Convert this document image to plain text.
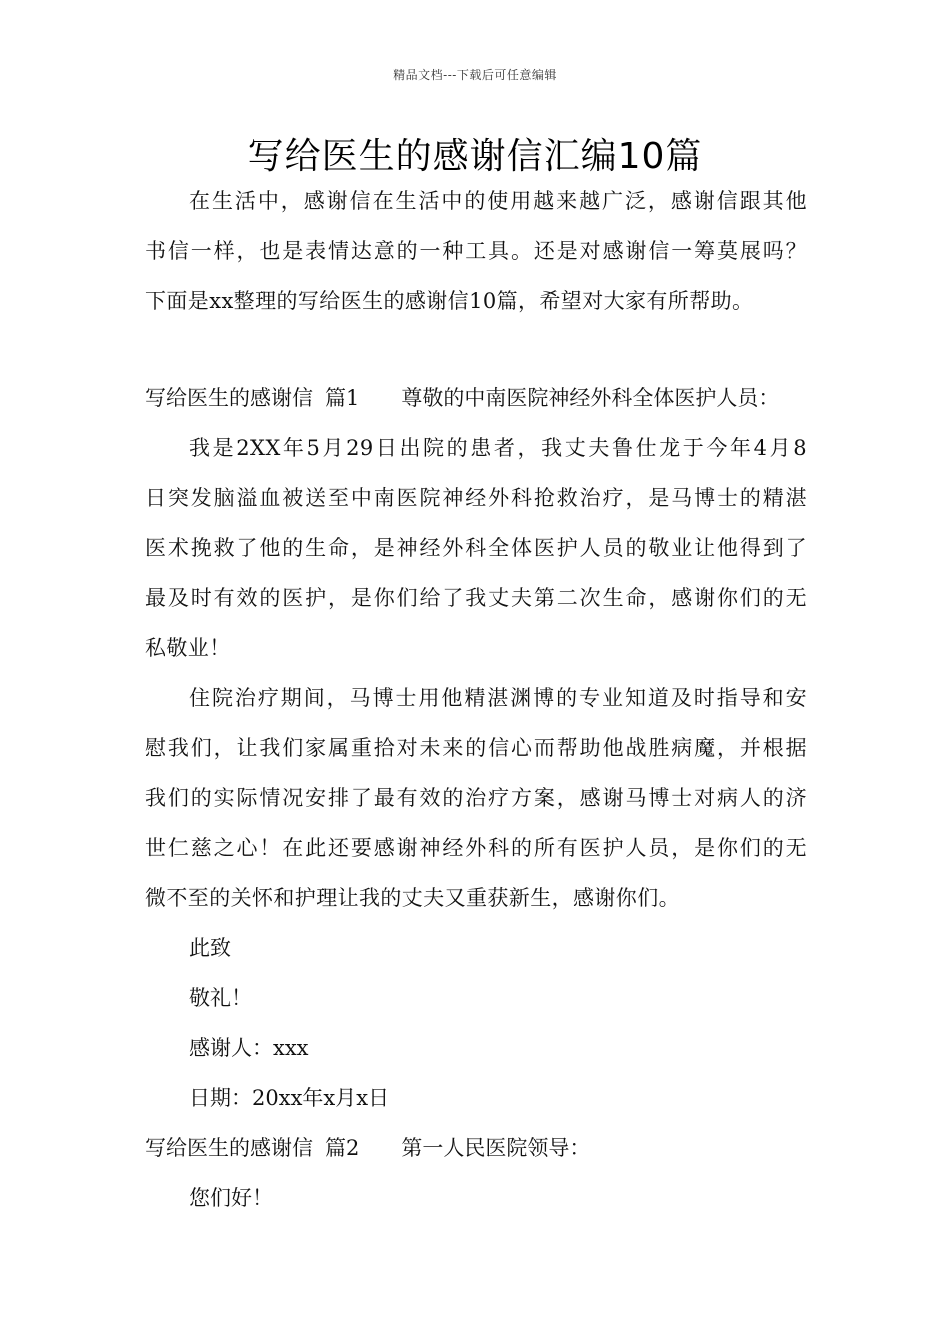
精品文档---下载后可任意编辑
写给医生的感谢信汇编10篇
在生活中，感谢信在生活中的使用越来越广泛，感谢信跟其他
书信一样，也是表情达意的一种工具。还是对感谢信一筹莫展吗？
下面是xx整理的写给医生的感谢信10篇，希望对大家有所帮助。
写给医生的感谢信 篇1 尊敬的中南医院神经外科全体医护人员：
我是2XX年5月29日出院的患者，我丈夫鲁仕龙于今年4月8
日突发脑溢血被送至中南医院神经外科抢救治疗，是马博士的精湛
医术挽救了他的生命，是神经外科全体医护人员的敬业让他得到了
最及时有效的医护，是你们给了我丈夫第二次生命，感谢你们的无
私敬业！
住院治疗期间，马博士用他精湛渊博的专业知道及时指导和安
慰我们，让我们家属重拾对未来的信心而帮助他战胜病魔，并根据
我们的实际情况安排了最有效的治疗方案，感谢马博士对病人的济
世仁慈之心！在此还要感谢神经外科的所有医护人员，是你们的无
微不至的关怀和护理让我的丈夫又重获新生，感谢你们。
此致
敬礼！
感谢人：xxx
日期：20xx年x月x日
写给医生的感谢信 篇2 第一人民医院领导：
您们好！
